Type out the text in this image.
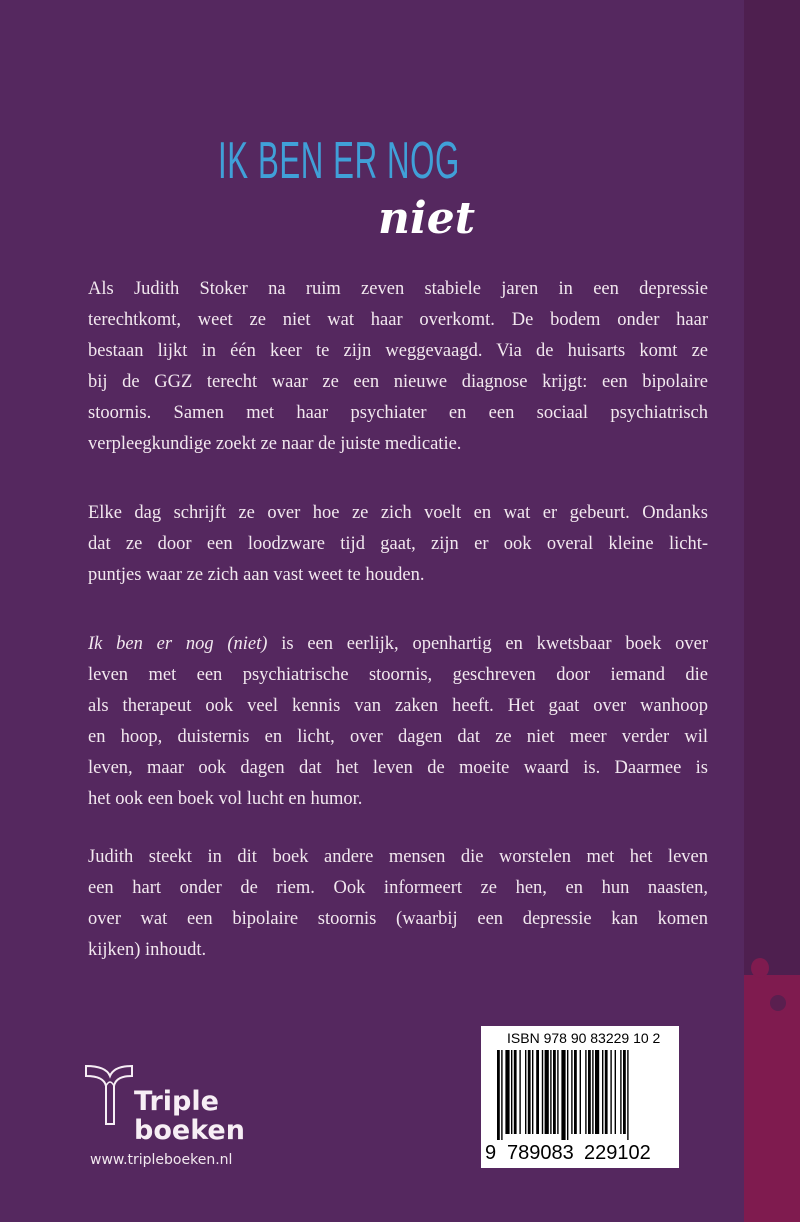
IK BEN ER NOG
niet
Als Judith Stoker na ruim zeven stabiele jaren in een depressie
terechtkomt, weet ze niet wat haar overkomt. De bodem onder haar
bestaan lijkt in één keer te zijn weggevaagd. Via de huisarts komt ze
bij de GGZ terecht waar ze een nieuwe diagnose krijgt: een bipolaire
stoornis. Samen met haar psychiater en een sociaal psychiatrisch
verpleegkundige zoekt ze naar de juiste medicatie.
Elke dag schrijft ze over hoe ze zich voelt en wat er gebeurt. Ondanks
dat ze door een loodzware tijd gaat, zijn er ook overal kleine licht-
puntjes waar ze zich aan vast weet te houden.
Ik ben er nog (niet) is een eerlijk, openhartig en kwetsbaar boek over
leven met een psychiatrische stoornis, geschreven door iemand die
als therapeut ook veel kennis van zaken heeft. Het gaat over wanhoop
en hoop, duisternis en licht, over dagen dat ze niet meer verder wil
leven, maar ook dagen dat het leven de moeite waard is. Daarmee is
het ook een boek vol lucht en humor.
Judith steekt in dit boek andere mensen die worstelen met het leven
een hart onder de riem. Ook informeert ze hen, en hun naasten,
over wat een bipolaire stoornis (waarbij een depressie kan komen
kijken) inhoudt.
Triple
boeken
www.tripleboeken.nl
ISBN 978 90 83229 10 2
9 789083 229102
